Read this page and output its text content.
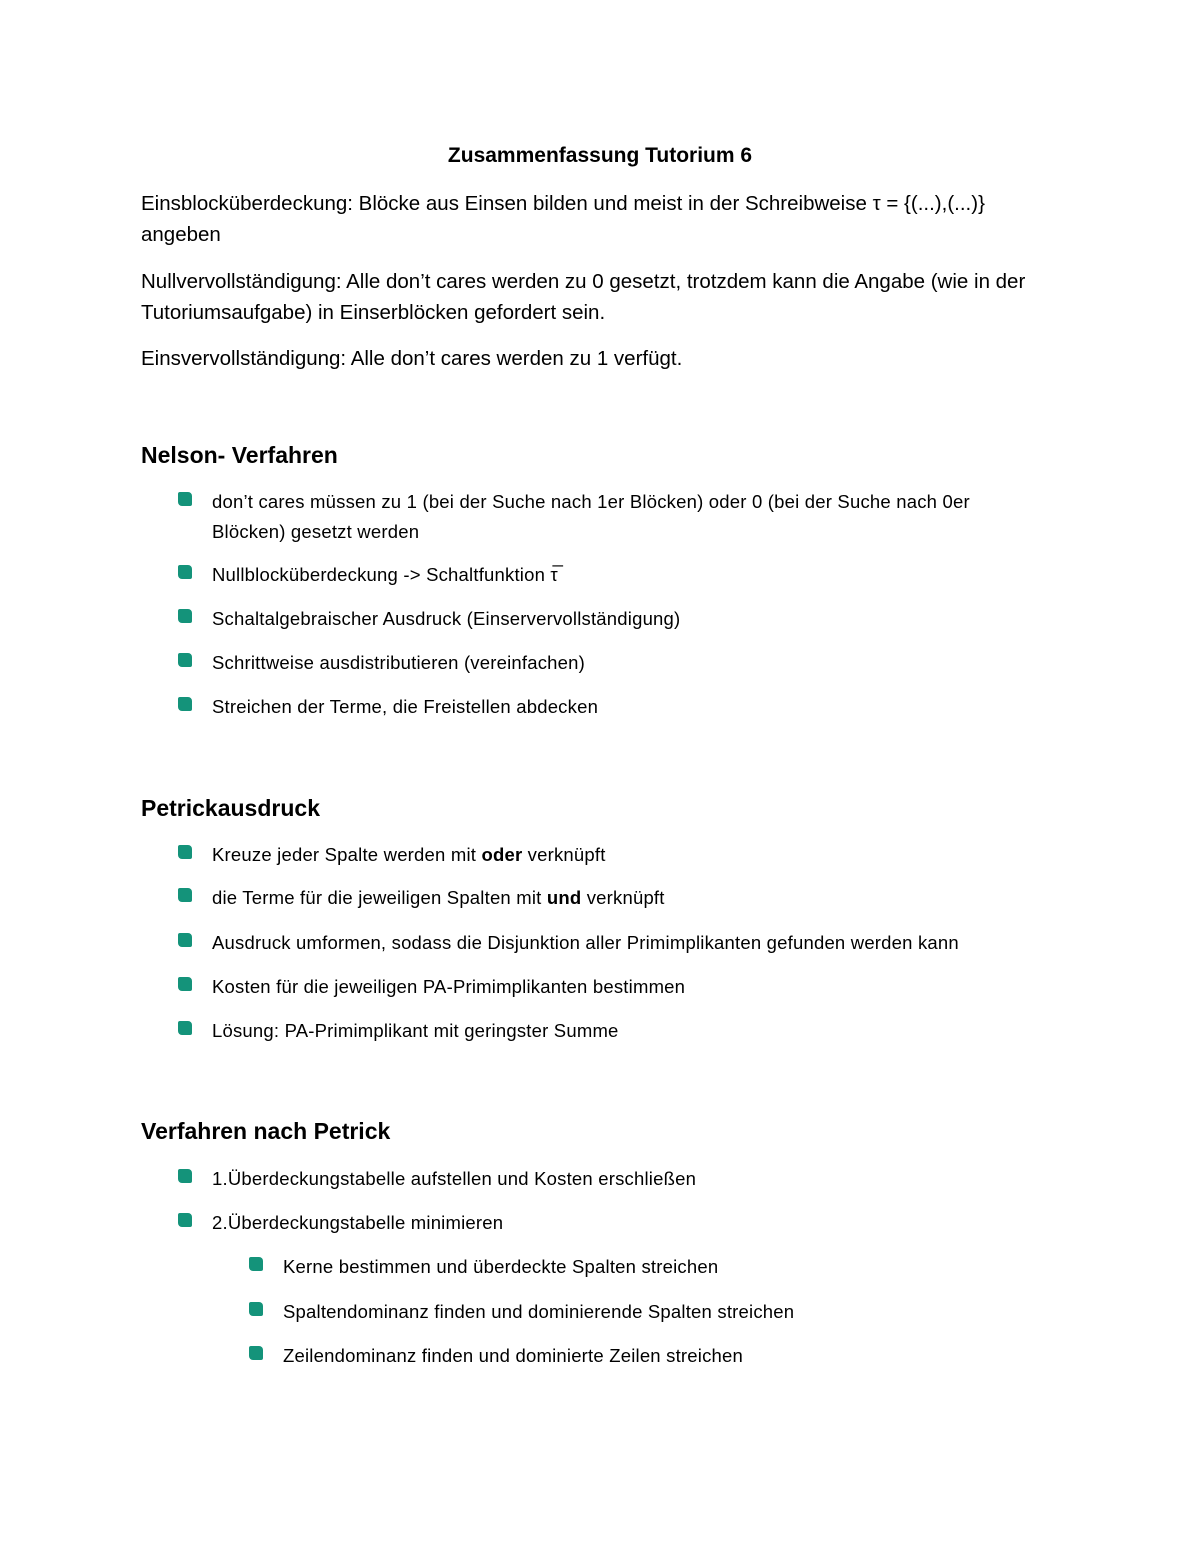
Zusammenfassung Tutorium 6
Einsblocküberdeckung: Blöcke aus Einsen bilden und meist in der Schreibweise τ = {(...),(...)} angeben
Nullvervollständigung: Alle don’t cares werden zu 0 gesetzt, trotzdem kann die Angabe (wie in der Tutoriumsaufgabe) in Einserblöcken gefordert sein.
Einsvervollständigung: Alle don’t cares werden zu 1 verfügt.
Nelson- Verfahren
don’t cares müssen zu 1 (bei der Suche nach 1er Blöcken) oder 0 (bei der Suche nach 0er Blöcken) gesetzt werden
Nullblocküberdeckung -> Schaltfunktion τ̅
Schaltalgebraischer Ausdruck (Einservervollständigung)
Schrittweise ausdistributieren (vereinfachen)
Streichen der Terme, die Freistellen abdecken
Petrickausdruck
Kreuze jeder Spalte werden mit oder verknüpft
die Terme für die jeweiligen Spalten mit und verknüpft
Ausdruck umformen, sodass die Disjunktion aller Primimplikanten gefunden werden kann
Kosten für die jeweiligen PA-Primimplikanten bestimmen
Lösung: PA-Primimplikant mit geringster Summe
Verfahren nach Petrick
1.Überdeckungstabelle aufstellen und Kosten erschließen
2.Überdeckungstabelle minimieren
Kerne bestimmen und überdeckte Spalten streichen
Spaltendominanz finden und dominierende Spalten streichen
Zeilendominanz finden und dominierte Zeilen streichen
